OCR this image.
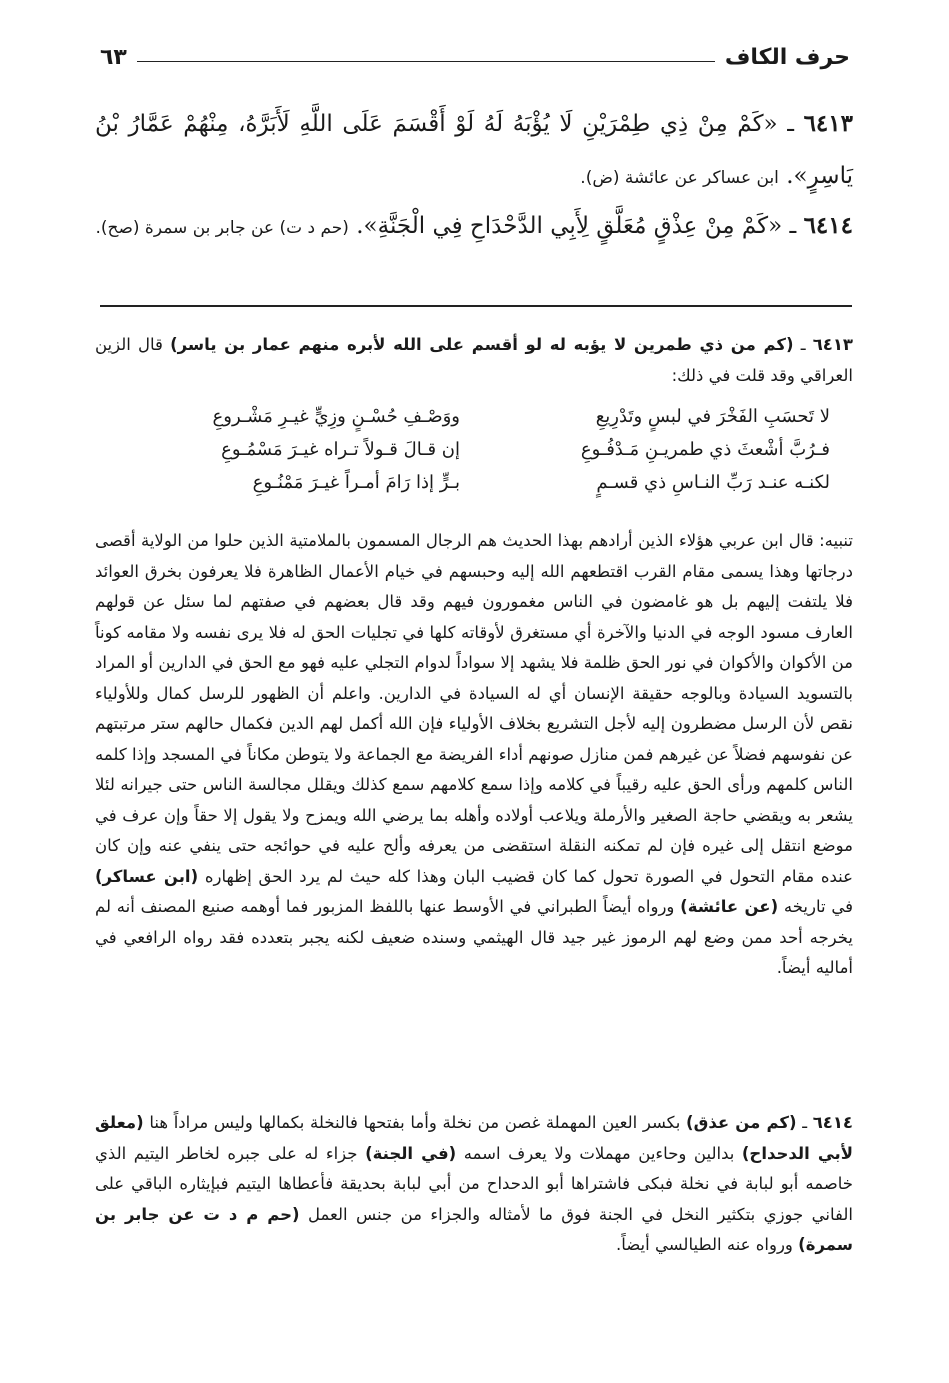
حرف الكاف
٦٣
٦٤١٣ ـ «كَمْ مِنْ ذِي طِمْرَيْنِ لَا يُؤْبَهُ لَهُ لَوْ أَقْسَمَ عَلَى اللَّهِ لَأَبَرَّهُ، مِنْهُمْ عَمَّارُ بْنُ يَاسِرٍ». ابن عساكر عن عائشة (ض).
٦٤١٤ ـ «كَمْ مِنْ عِذْقٍ مُعَلَّقٍ لِأَبِي الدَّحْدَاحِ فِي الْجَنَّةِ». (حم د ت) عن جابر بن سمرة (صح).
٦٤١٣ ـ (كم من ذي طمرين لا يؤبه له لو أقسم على الله لأبره منهم عمار بن ياسر) قال الزين العراقي وقد قلت في ذلك:
لا تَحسَبِ الفَخْرَ في لبسٍ وتَدْرِيعِ
ووَصْـفِ حُسْـنٍ وزِيٍّ غيـرِ مَشْـروعِ
فـرُبَّ أشْعثَ ذي طمريـنِ مَـدْفُـوعِ
إن قـالَ قـولاً تـراه غيـرَ مَسْمُـوعِ
لكنـه عنـد رَبِّ النـاسِ ذي قسـمٍ
بـرٍّ إذا رَامَ أمـراً غيـرَ مَمْنُـوعِ
تنبيه: قال ابن عربي هؤلاء الذين أرادهم بهذا الحديث هم الرجال المسمون بالملامتية الذين حلوا من الولاية أقصى درجاتها وهذا يسمى مقام القرب اقتطعهم الله إليه وحبسهم في خيام الأعمال الظاهرة فلا يعرفون بخرق العوائد فلا يلتفت إليهم بل هو غامضون في الناس مغمورون فيهم وقد قال بعضهم في صفتهم لما سئل عن قولهم العارف مسود الوجه في الدنيا والآخرة أي مستغرق لأوقاته كلها في تجليات الحق له فلا يرى نفسه ولا مقامه كوناً من الأكوان والأكوان في نور الحق ظلمة فلا يشهد إلا سواداً لدوام التجلي عليه فهو مع الحق في الدارين أو المراد بالتسويد السيادة وبالوجه حقيقة الإنسان أي له السيادة في الدارين. واعلم أن الظهور للرسل كمال وللأولياء نقص لأن الرسل مضطرون إليه لأجل التشريع بخلاف الأولياء فإن الله أكمل لهم الدين فكمال حالهم ستر مرتبتهم عن نفوسهم فضلاً عن غيرهم فمن منازل صونهم أداء الفريضة مع الجماعة ولا يتوطن مكاناً في المسجد وإذا كلمه الناس كلمهم ورأى الحق عليه رقيباً في كلامه وإذا سمع كلامهم سمع كذلك ويقلل مجالسة الناس حتى جيرانه لئلا يشعر به ويقضي حاجة الصغير والأرملة ويلاعب أولاده وأهله بما يرضي الله ويمزح ولا يقول إلا حقاً وإن عرف في موضع انتقل إلى غيره فإن لم تمكنه النقلة استقضى من يعرفه وألح عليه في حوائجه حتى ينفي عنه وإن كان عنده مقام التحول في الصورة تحول كما كان قضيب البان وهذا كله حيث لم يرد الحق إظهاره (ابن عساكر) في تاريخه (عن عائشة) ورواه أيضاً الطبراني في الأوسط عنها باللفظ المزبور فما أوهمه صنيع المصنف أنه لم يخرجه أحد ممن وضع لهم الرموز غير جيد قال الهيثمي وسنده ضعيف لكنه يجبر بتعدده فقد رواه الرافعي في أماليه أيضاً.
٦٤١٤ ـ (كم من عذق) بكسر العين المهملة غصن من نخلة وأما بفتحها فالنخلة بكمالها وليس مراداً هنا (معلق لأبي الدحداح) بدالين وحاءين مهملات ولا يعرف اسمه (في الجنة) جزاء له على جبره لخاطر اليتيم الذي خاصمه أبو لبابة في نخلة فبكى فاشتراها أبو الدحداح من أبي لبابة بحديقة فأعطاها اليتيم فبإيثاره الباقي على الفاني جوزي بتكثير النخل في الجنة فوق ما لأمثاله والجزاء من جنس العمل (حم م د ت عن جابر بن سمرة) ورواه عنه الطيالسي أيضاً.
